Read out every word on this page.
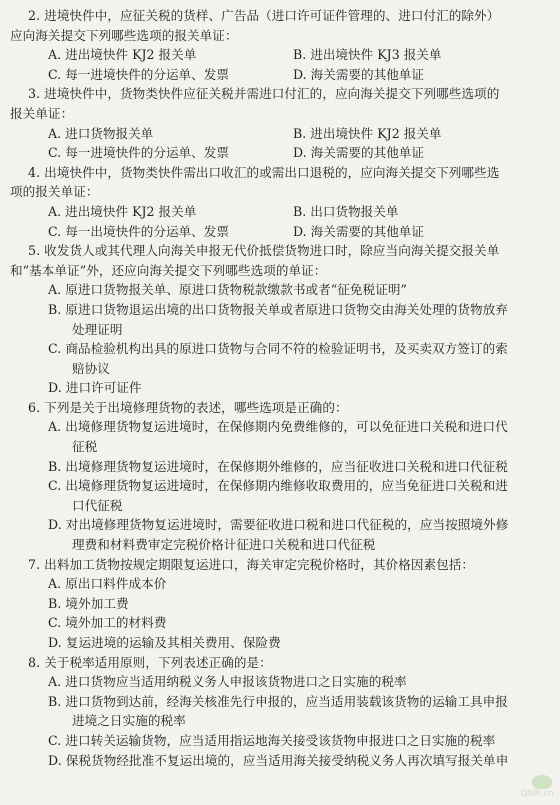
2. 进境快件中，应征关税的货样、广告品（进口许可证件管理的、进口付汇的除外）
应向海关提交下列哪些选项的报关单证：
A. 进出境快件 KJ2 报关单	B. 进出境快件 KJ3 报关单
C. 每一进境快件的分运单、发票	D. 海关需要的其他单证
3. 进境快件中，货物类快件应征关税并需进口付汇的，应向海关提交下列哪些选项的
报关单证：
A. 进口货物报关单	B. 进出境快件 KJ2 报关单
C. 每一进境快件的分运单、发票	D. 海关需要的其他单证
4. 出境快件中，货物类快件需出口收汇的或需出口退税的，应向海关提交下列哪些选
项的报关单证：
A. 进出境快件 KJ2 报关单	B. 出口货物报关单
C. 每一出境快件的分运单、发票	D. 海关需要的其他单证
5. 收发货人或其代理人向海关申报无代价抵偿货物进口时，除应当向海关提交报关单
和“基本单证”外，还应向海关提交下列哪些选项的单证：
A. 原进口货物报关单、原进口货物税款缴款书或者“征免税证明”
B. 原进口货物退运出境的出口货物报关单或者原进口货物交由海关处理的货物放弃
处理证明
C. 商品检验机构出具的原进口货物与合同不符的检验证明书，及买卖双方签订的索
赔协议
D. 进口许可证件
6. 下列是关于出境修理货物的表述，哪些选项是正确的：
A. 出境修理货物复运进境时，在保修期内免费维修的，可以免征进口关税和进口代
征税
B. 出境修理货物复运进境时，在保修期外维修的，应当征收进口关税和进口代征税
C. 出境修理货物复运进境时，在保修期内维修收取费用的，应当免征进口关税和进
口代征税
D. 对出境修理货物复运进境时，需要征收进口税和进口代征税的，应当按照境外修
理费和材料费审定完税价格计征进口关税和进口代征税
7. 出料加工货物按规定期限复运进口，海关审定完税价格时，其价格因素包括：
A. 原出口料件成本价
B. 境外加工费
C. 境外加工的材料费
D. 复运进境的运输及其相关费用、保险费
8. 关于税率适用原则，下列表述正确的是：
A. 进口货物应当适用纳税义务人申报该货物进口之日实施的税率
B. 进口货物到达前，经海关核准先行申报的，应当适用装载该货物的运输工具申报
进境之日实施的税率
C. 进口转关运输货物，应当适用指运地海关接受该货物申报进口之日实施的税率
D. 保税货物经批准不复运出境的，应当适用海关接受纳税义务人再次填写报关单申
QNR.cn
